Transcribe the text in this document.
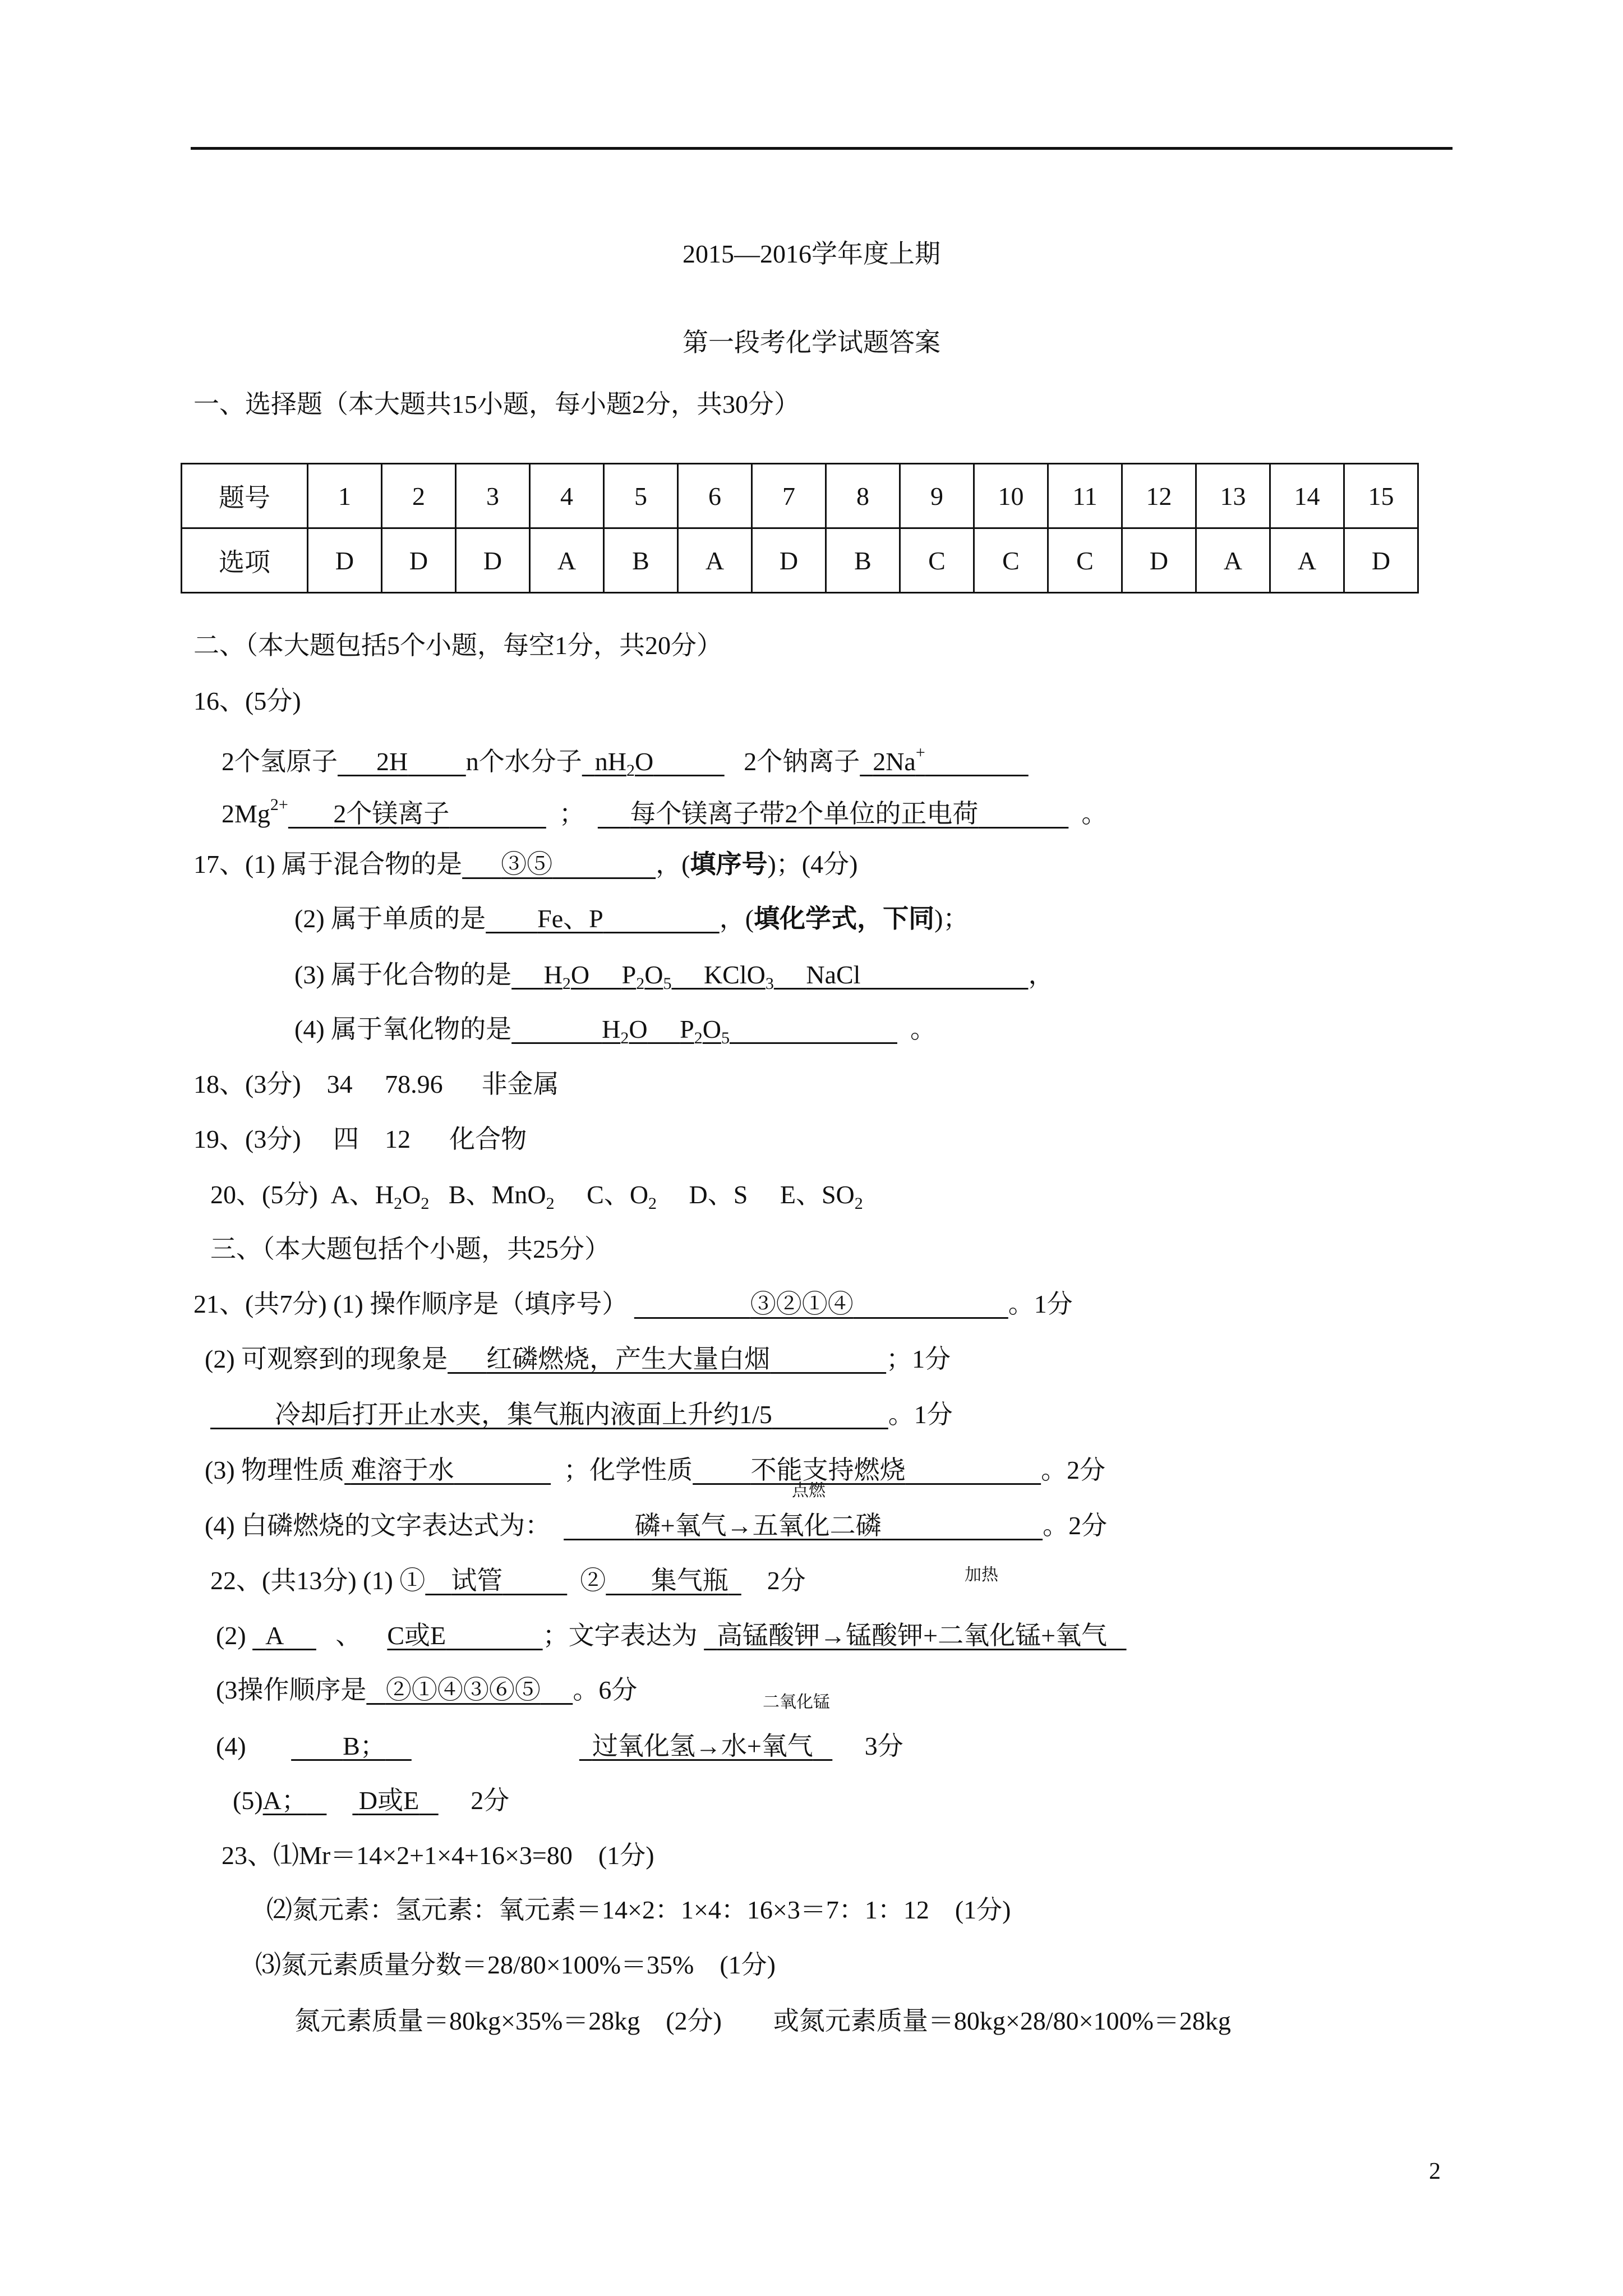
2015—2016学年度上期
第一段考化学试题答案
一、选择题（本大题共15小题，每小题2分，共30分）
题号	1	2	3	4	5	6	7	8	9	10	11	12	13	14	15
选项	D	D	D	A	B	A	D	B	C	C	C	D	A	A	D
二、（本大题包括5个小题，每空1分，共20分）
16、(5分)
2个氢原子 2H n个水分子 $nH_2O$	2个钠离子 2Na+
$2Mg^{2+}$ 2个镁离子	； 每个镁离子带2个单位的正电荷	。
17、(1) 属于混合物的是 ③⑤	，(填序号)；(4分)
(2) 属于单质的是 Fe、P	，(填化学式，下同)；
(3) 属于化合物的是 $H_2O$ $P_2O_5$ KClO$_3$ NaCl	，
(4) 属于氧化物的是	$H_2O$ $P_2O_5$	。
18、(3分) 34 78.96 非金属
19、(3分) 四 12 化合物
20、(5分) A、$H_2O_2$ B、MnO$_2$ C、$O_2$ D、S E、$SO_2$
三、（本大题包括个小题，共25分）
21、(共7分) (1) 操作顺序是（填序号）	③②①④	。1分
(2) 可观察到的现象是 红磷燃烧，产生大量白烟	；1分
冷却后打开止水夹，集气瓶内液面上升约1/5	。1分
(3) 物理性质 难溶于水	；化学性质 不能支持燃烧	。2分
点燃
(4) 白磷燃烧的文字表达式为：	磷+氧气→五氧化二磷	。2分
22、(共13分) (1) ① 试管	② 集气瓶 2分	加热
(2) A 、 C或E	；文字表达为 高锰酸钾→锰酸钾+二氧化锰+氧气
(3操作顺序是 ②①④③⑥⑤ 。6分	二氧化锰
(4)	B；	过氧化氢→水+氧气 3分
(5)A； D或E 2分
23、⑴Mr＝14×2+1×4+16×3=80　(1分)
⑵氮元素：氢元素：氧元素＝14×2：1×4：16×3＝7：1：12　(1分)
⑶氮元素质量分数＝28/80×100%＝35%　(1分)
氮元素质量＝80kg×35%＝28kg　(2分)　　或氮元素质量＝80kg×28/80×100%＝28kg
2
